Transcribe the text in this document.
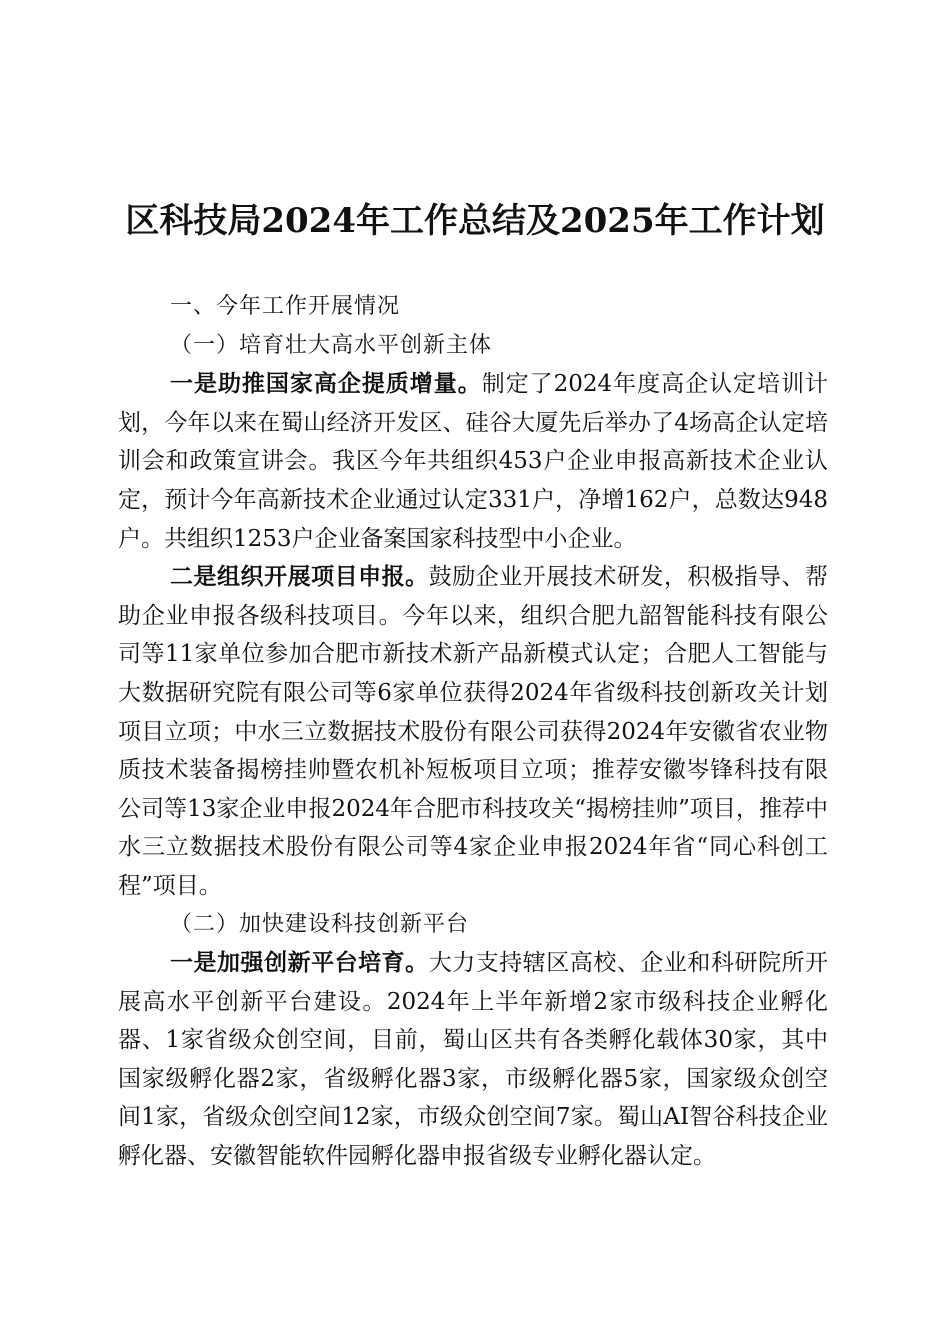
区科技局2024年工作总结及2025年工作计划

一、今年工作开展情况

（一）培育壮大高水平创新主体

一是助推国家高企提质增量。制定了2024年度高企认定培训计划，今年以来在蜀山经济开发区、硅谷大厦先后举办了4场高企认定培训会和政策宣讲会。我区今年共组织453户企业申报高新技术企业认定，预计今年高新技术企业通过认定331户，净增162户，总数达948户。共组织1253户企业备案国家科技型中小企业。

二是组织开展项目申报。鼓励企业开展技术研发，积极指导、帮助企业申报各级科技项目。今年以来，组织合肥九韶智能科技有限公司等11家单位参加合肥市新技术新产品新模式认定；合肥人工智能与大数据研究院有限公司等6家单位获得2024年省级科技创新攻关计划项目立项；中水三立数据技术股份有限公司获得2024年安徽省农业物质技术装备揭榜挂帅暨农机补短板项目立项；推荐安徽岑锋科技有限公司等13家企业申报2024年合肥市科技攻关“揭榜挂帅”项目，推荐中水三立数据技术股份有限公司等4家企业申报2024年省“同心科创工程”项目。

（二）加快建设科技创新平台

一是加强创新平台培育。大力支持辖区高校、企业和科研院所开展高水平创新平台建设。2024年上半年新增2家市级科技企业孵化器、1家省级众创空间，目前，蜀山区共有各类孵化载体30家，其中国家级孵化器2家，省级孵化器3家，市级孵化器5家，国家级众创空间1家，省级众创空间12家，市级众创空间7家。蜀山AI智谷科技企业孵化器、安徽智能软件园孵化器申报省级专业孵化器认定。
